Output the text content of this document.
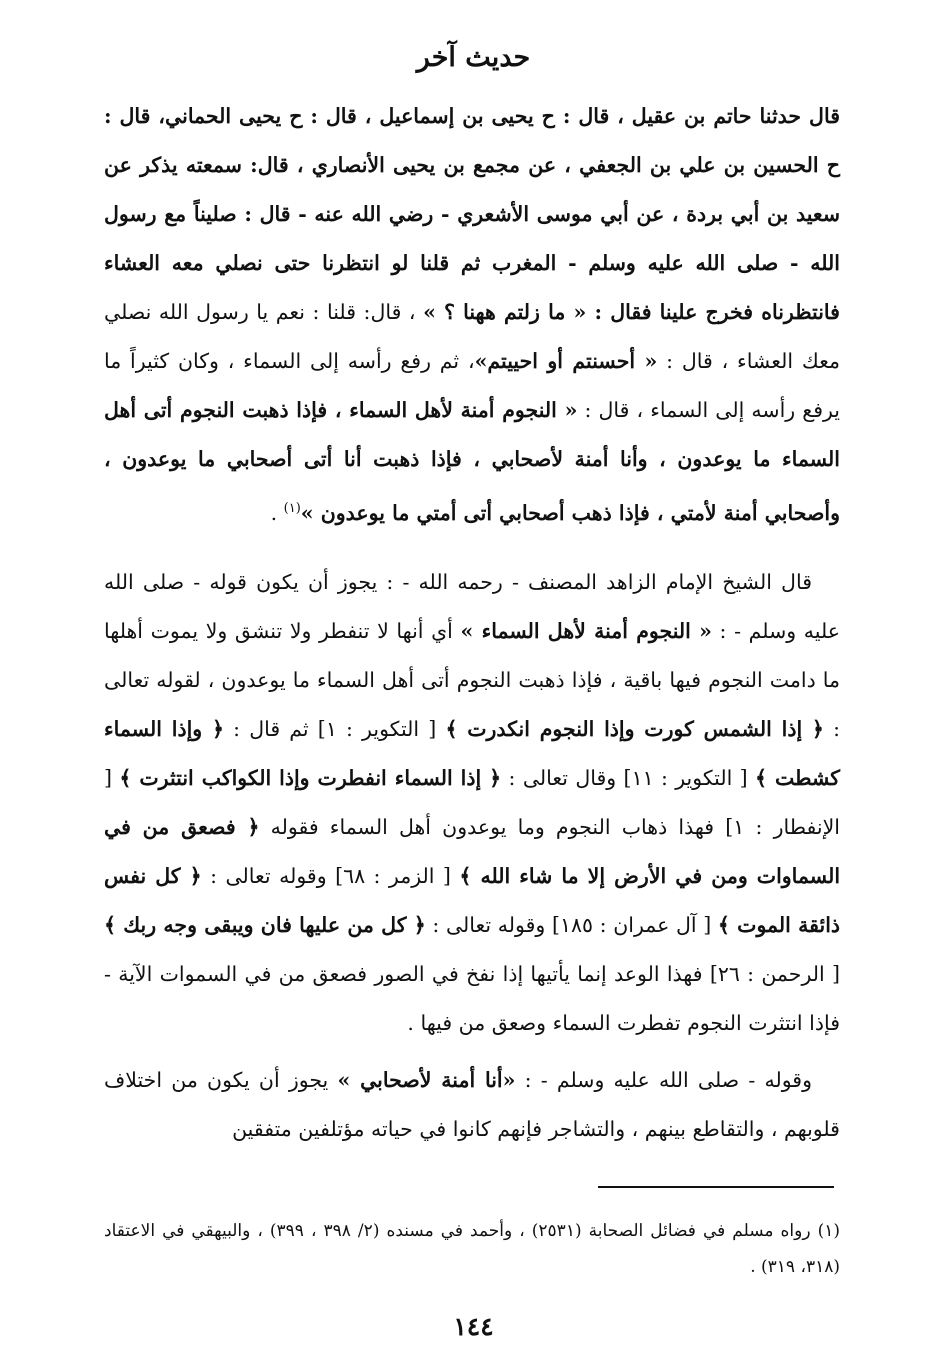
حديث آخر

قال حدثنا حاتم بن عقيل ، قال : ح يحيى بن إسماعيل ، قال : ح يحيى الحماني، قال : ح الحسين بن علي بن الجعفي ، عن مجمع بن يحيى الأنصاري ، قال: سمعته يذكر عن سعيد بن أبي بردة ، عن أبي موسى الأشعري - رضي الله عنه - قال : صليناً مع رسول الله - صلى الله عليه وسلم - المغرب ثم قلنا لو انتظرنا حتى نصلي معه العشاء فانتظرناه فخرج علينا فقال : « ما زلتم ههنا ؟ » ، قال: قلنا : نعم يا رسول الله نصلي معك العشاء ، قال : « أحسنتم أو احييتم»، ثم رفع رأسه إلى السماء ، وكان كثيراً ما يرفع رأسه إلى السماء ، قال : « النجوم أمنة لأهل السماء ، فإذا ذهبت النجوم أتى أهل السماء ما يوعدون ، وأنا أمنة لأصحابي ، فإذا ذهبت أنا أتى أصحابي ما يوعدون ، وأصحابي أمنة لأمتي ، فإذا ذهب أصحابي أتى أمتي ما يوعدون »$^{(١)}$ .

قال الشيخ الإمام الزاهد المصنف - رحمه الله - : يجوز أن يكون قوله - صلى الله عليه وسلم - : « النجوم أمنة لأهل السماء » أي أنها لا تنفطر ولا تنشق ولا يموت أهلها ما دامت النجوم فيها باقية ، فإذا ذهبت النجوم أتى أهل السماء ما يوعدون ، لقوله تعالى : ﴿ إذا الشمس كورت وإذا النجوم انكدرت ﴾ [ التكوير : ١] ثم قال : ﴿ وإذا السماء كشطت ﴾ [ التكوير : ١١] وقال تعالى : ﴿ إذا السماء انفطرت وإذا الكواكب انتثرت ﴾ [ الإنفطار : ١] فهذا ذهاب النجوم وما يوعدون أهل السماء فقوله ﴿ فصعق من في السماوات ومن في الأرض إلا ما شاء الله ﴾ [ الزمر : ٦٨] وقوله تعالى : ﴿ كل نفس ذائقة الموت ﴾ [ آل عمران : ١٨٥] وقوله تعالى : ﴿ كل من عليها فان ويبقى وجه ربك ﴾ [ الرحمن : ٢٦] فهذا الوعد إنما يأتيها إذا نفخ في الصور فصعق من في السموات الآية - فإذا انتثرت النجوم تفطرت السماء وصعق من فيها .

وقوله - صلى الله عليه وسلم - : «أنا أمنة لأصحابي » يجوز أن يكون من اختلاف قلوبهم ، والتقاطع بينهم ، والتشاجر فإنهم كانوا في حياته مؤتلفين متفقين

(١) رواه مسلم في فضائل الصحابة (٢٥٣١) ، وأحمد في مسنده (٢/ ٣٩٨ ، ٣٩٩) ، والبيهقي في الاعتقاد (٣١٨، ٣١٩) .
١٤٤
